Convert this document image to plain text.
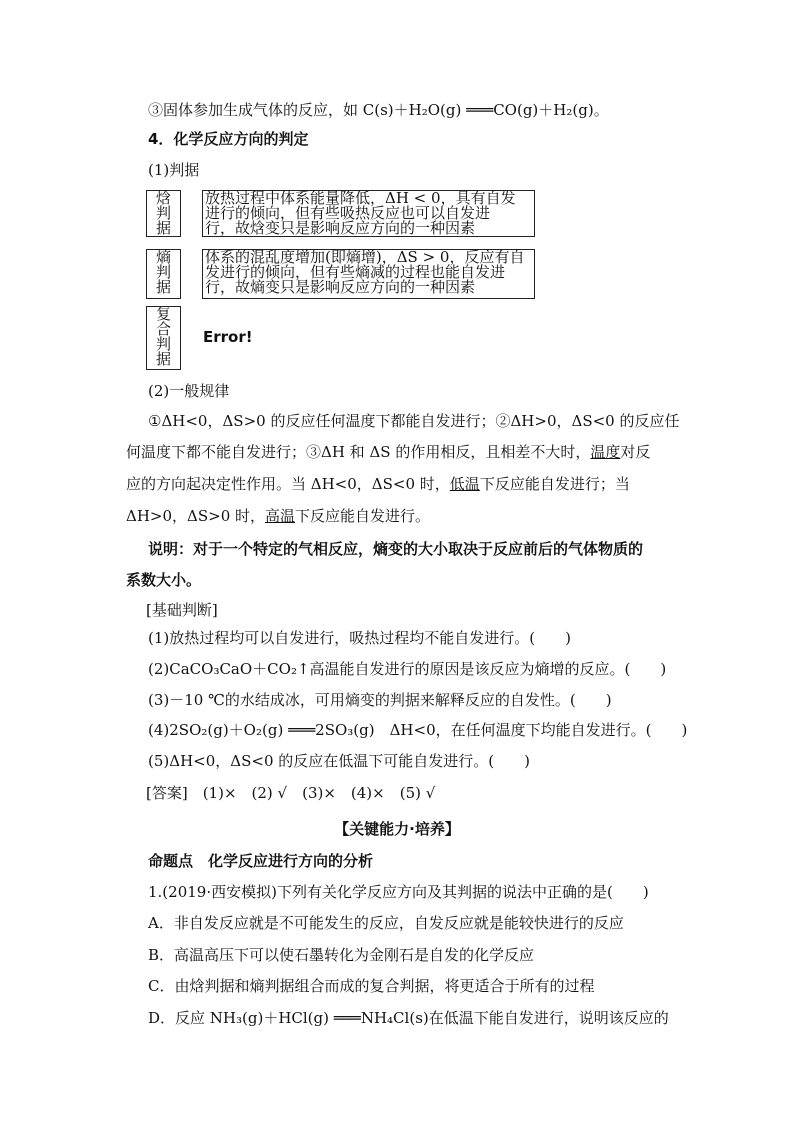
③固体参加生成气体的反应，如 C(s)＋H₂O(g) ═══CO(g)＋H₂(g)。
4．化学反应方向的判定
(1)判据
焓
判
据
放热过程中体系能量降低，ΔH < 0，具有自发
进行的倾向，但有些吸热反应也可以自发进
行，故焓变只是影响反应方向的一种因素
熵
判
据
体系的混乱度增加(即熵增)，ΔS > 0，反应有自
发进行的倾向，但有些熵减的过程也能自发进
行，故熵变只是影响反应方向的一种因素
复
合
判
据
Error!
(2)一般规律
①ΔH<0，ΔS>0 的反应任何温度下都能自发进行；②ΔH>0，ΔS<0 的反应任
何温度下都不能自发进行；③ΔH 和 ΔS 的作用相反，且相差不大时，温度对反
应的方向起决定性作用。当 ΔH<0，ΔS<0 时，低温下反应能自发进行；当
ΔH>0，ΔS>0 时，高温下反应能自发进行。
说明：对于一个特定的气相反应，熵变的大小取决于反应前后的气体物质的
系数大小。
[基础判断]
(1)放热过程均可以自发进行，吸热过程均不能自发进行。(　　)
(2)CaCO₃CaO＋CO₂↑高温能自发进行的原因是该反应为熵增的反应。(　　)
(3)－10 ℃的水结成冰，可用熵变的判据来解释反应的自发性。(　　)
(4)2SO₂(g)＋O₂(g) ═══2SO₃(g)　ΔH<0，在任何温度下均能自发进行。(　　)
(5)ΔH<0，ΔS<0 的反应在低温下可能自发进行。(　　)
[答案]　(1)×　(2) √　(3)×　(4)×　(5) √
【关键能力·培养】
命题点　化学反应进行方向的分析
1.(2019·西安模拟)下列有关化学反应方向及其判据的说法中正确的是(　　)
A．非自发反应就是不可能发生的反应，自发反应就是能较快进行的反应
B．高温高压下可以使石墨转化为金刚石是自发的化学反应
C．由焓判据和熵判据组合而成的复合判据，将更适合于所有的过程
D．反应 NH₃(g)＋HCl(g) ═══NH₄Cl(s)在低温下能自发进行，说明该反应的
